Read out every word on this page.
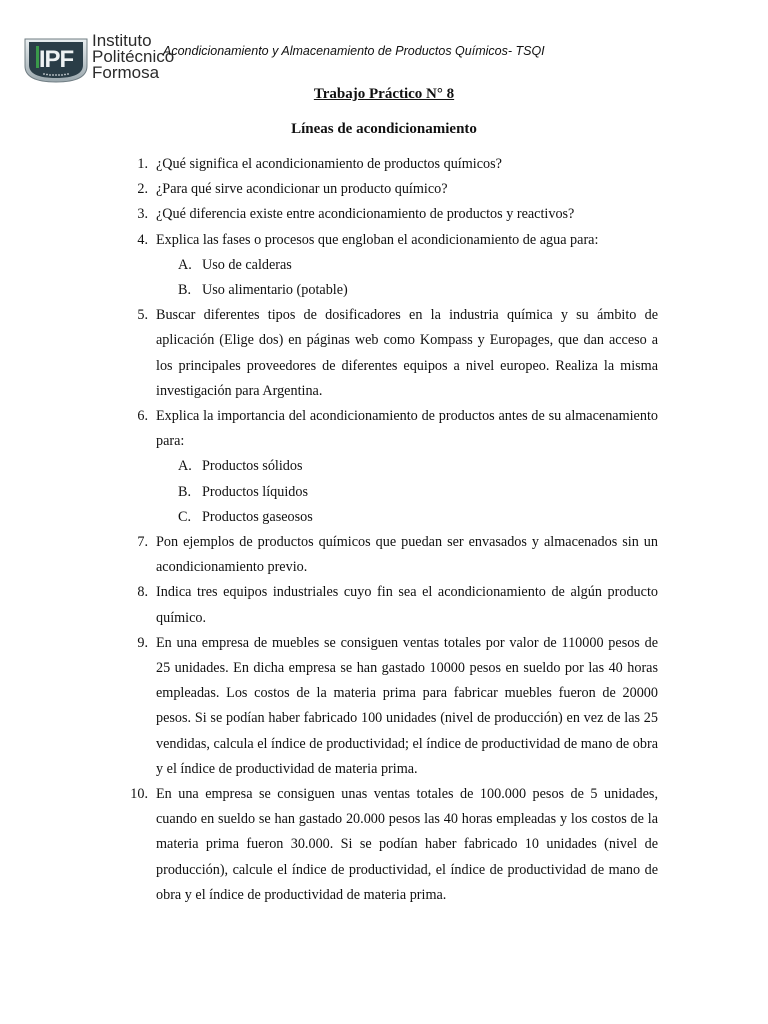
IPF
Instituto
Politécnico
Formosa
Acondicionamiento y Almacenamiento de Productos Químicos- TSQI
Trabajo Práctico N° 8
Líneas de acondicionamiento
1. ¿Qué significa el acondicionamiento de productos químicos?
2. ¿Para qué sirve acondicionar un producto químico?
3. ¿Qué diferencia existe entre acondicionamiento de productos y reactivos?
4. Explica las fases o procesos que engloban el acondicionamiento de agua para:
A. Uso de calderas
B. Uso alimentario (potable)
5. Buscar diferentes tipos de dosificadores en la industria química y su ámbito de aplicación (Elige dos) en páginas web como Kompass y Europages, que dan acceso a los principales proveedores de diferentes equipos a nivel europeo. Realiza la misma investigación para Argentina.
6. Explica la importancia del acondicionamiento de productos antes de su almacenamiento para:
A. Productos sólidos
B. Productos líquidos
C. Productos gaseosos
7. Pon ejemplos de productos químicos que puedan ser envasados y almacenados sin un acondicionamiento previo.
8. Indica tres equipos industriales cuyo fin sea el acondicionamiento de algún producto químico.
9. En una empresa de muebles se consiguen ventas totales por valor de 110000 pesos de 25 unidades. En dicha empresa se han gastado 10000 pesos en sueldo por las 40 horas empleadas. Los costos de la materia prima para fabricar muebles fueron de 20000 pesos. Si se podían haber fabricado 100 unidades (nivel de producción) en vez de las 25 vendidas, calcula el índice de productividad; el índice de productividad de mano de obra y el índice de productividad de materia prima.
10. En una empresa se consiguen unas ventas totales de 100.000 pesos de 5 unidades, cuando en sueldo se han gastado 20.000 pesos las 40 horas empleadas y los costos de la materia prima fueron 30.000. Si se podían haber fabricado 10 unidades (nivel de producción), calcule el índice de productividad, el índice de productividad de mano de obra y el índice de productividad de materia prima.
